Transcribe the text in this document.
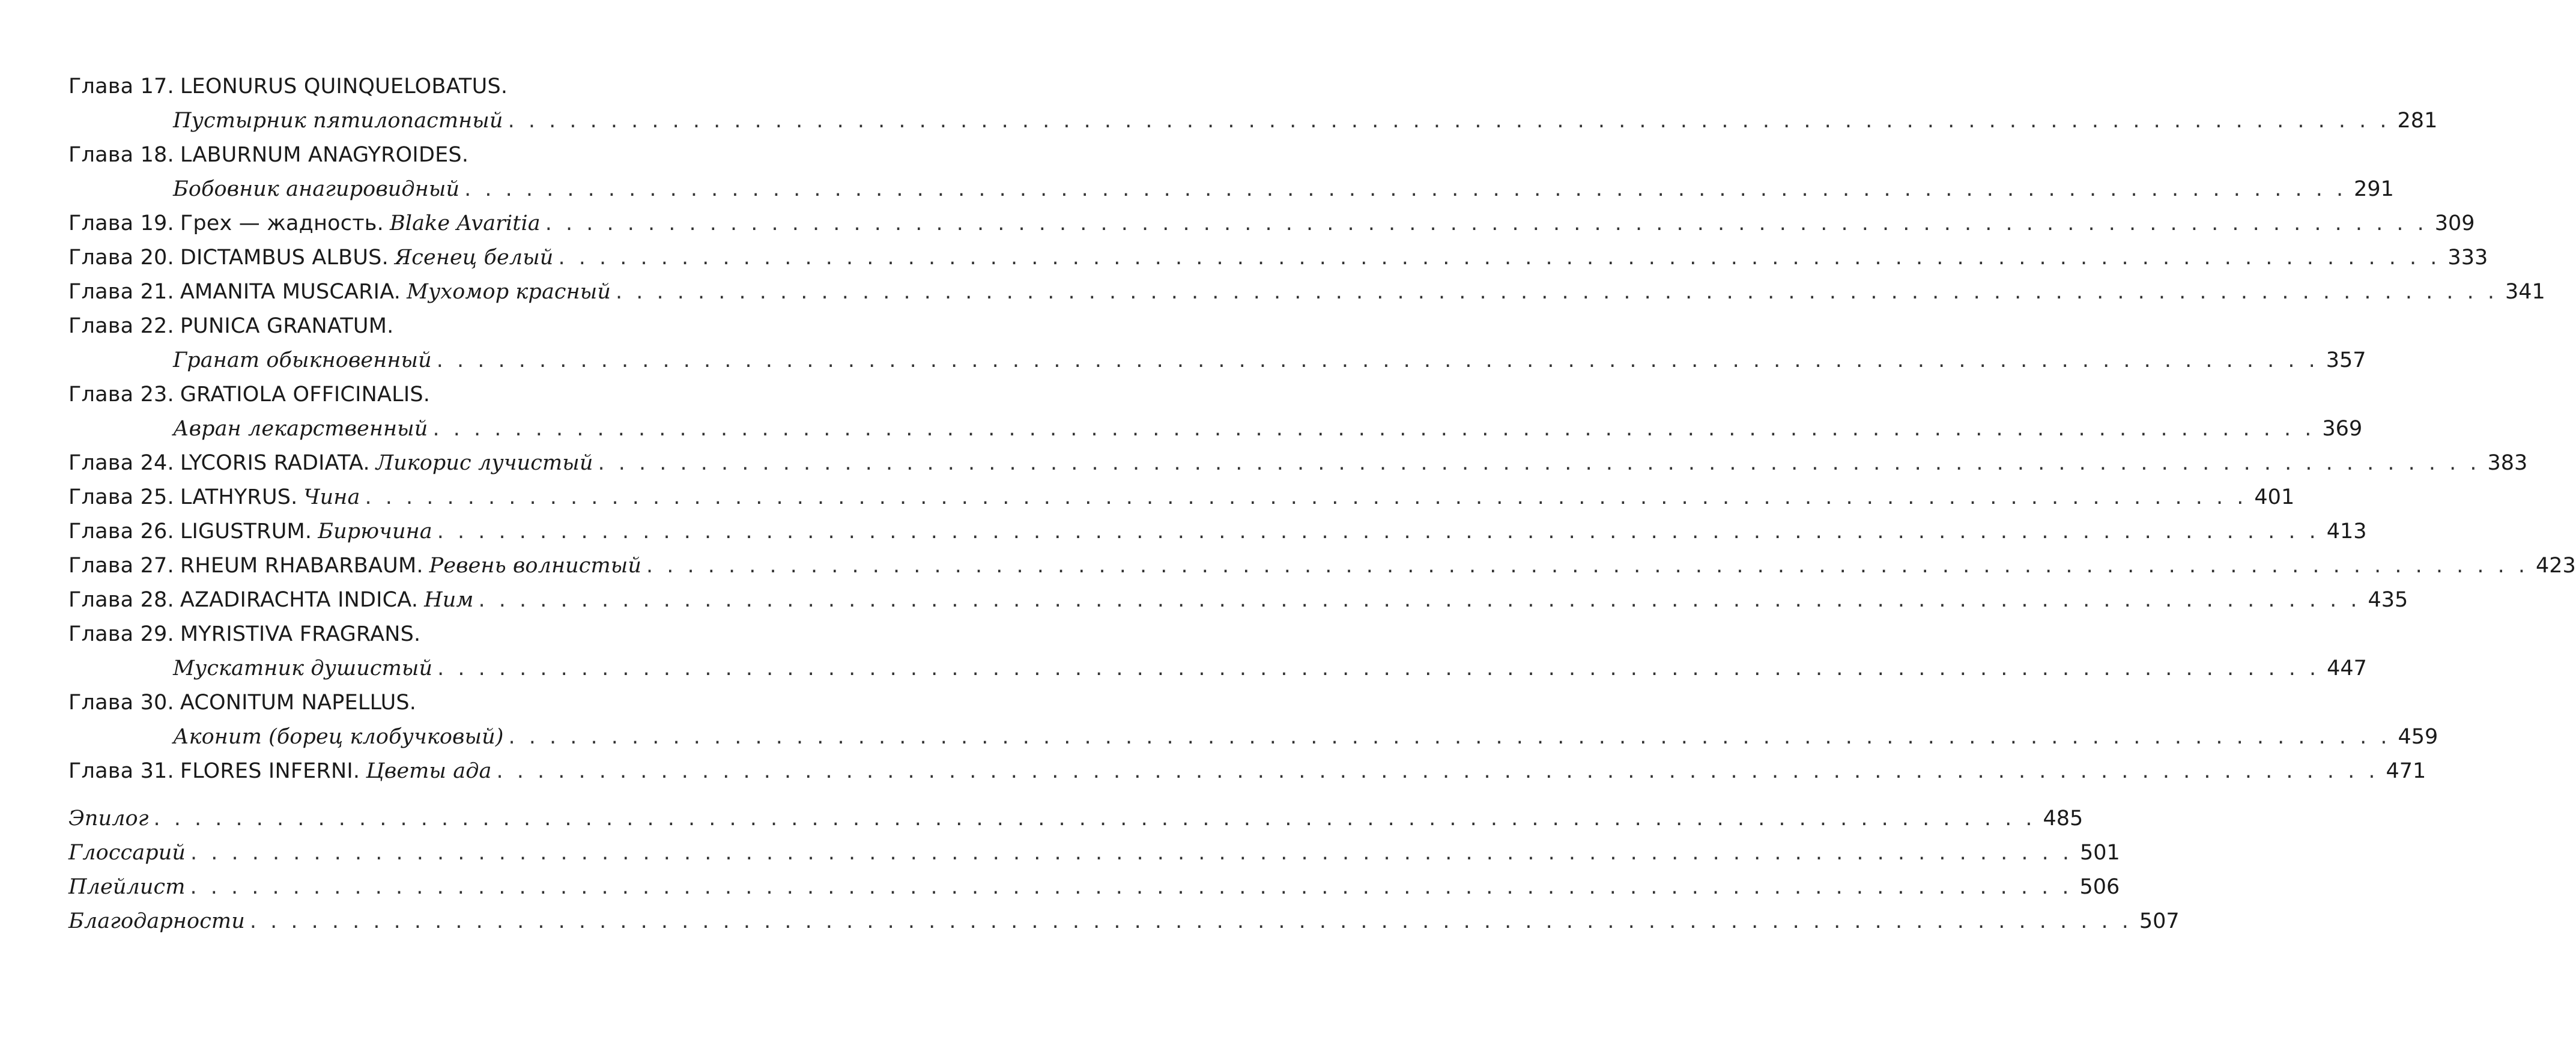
Глава 17. LEONURUS QUINQUELOBATUS.
Пустырник пятилопастный . . . . . . . . . . . . . . . . . . . . . . . . . . . . . . . . . . . . . . . . . . . . . . . . . . . . . . . . . . . . . . . . . . . . . . . . . . . . . . . . . . . . . . . . . . . . 281
Глава 18. LABURNUM ANAGYROIDES.
Бобовник анагировидный . . . . . . . . . . . . . . . . . . . . . . . . . . . . . . . . . . . . . . . . . . . . . . . . . . . . . . . . . . . . . . . . . . . . . . . . . . . . . . . . . . . . . . . . . . . . 291
Глава 19. Грех — жадность. Blake Avaritia . . . . . . . . . . . . . . . . . . . . . . . . . . . . . . . . . . . . . . . . . . . . . . . . . . . . . . . . . . . . . . . . . . . . . . . . . . . . . . . . . . . . . . . . . . . . 309
Глава 20. DICTAMBUS ALBUS. Ясенец белый . . . . . . . . . . . . . . . . . . . . . . . . . . . . . . . . . . . . . . . . . . . . . . . . . . . . . . . . . . . . . . . . . . . . . . . . . . . . . . . . . . . . . . . . . . . . 333
Глава 21. AMANITA MUSCARIA. Мухомор красный . . . . . . . . . . . . . . . . . . . . . . . . . . . . . . . . . . . . . . . . . . . . . . . . . . . . . . . . . . . . . . . . . . . . . . . . . . . . . . . . . . . . . . . . . . . . 341
Глава 22. PUNICA GRANATUM.
Гранат обыкновенный . . . . . . . . . . . . . . . . . . . . . . . . . . . . . . . . . . . . . . . . . . . . . . . . . . . . . . . . . . . . . . . . . . . . . . . . . . . . . . . . . . . . . . . . . . . . 357
Глава 23. GRATIOLA OFFICINALIS.
Авран лекарственный . . . . . . . . . . . . . . . . . . . . . . . . . . . . . . . . . . . . . . . . . . . . . . . . . . . . . . . . . . . . . . . . . . . . . . . . . . . . . . . . . . . . . . . . . . . . 369
Глава 24. LYCORIS RADIATA. Ликорис лучистый . . . . . . . . . . . . . . . . . . . . . . . . . . . . . . . . . . . . . . . . . . . . . . . . . . . . . . . . . . . . . . . . . . . . . . . . . . . . . . . . . . . . . . . . . . . . 383
Глава 25. LATHYRUS. Чина . . . . . . . . . . . . . . . . . . . . . . . . . . . . . . . . . . . . . . . . . . . . . . . . . . . . . . . . . . . . . . . . . . . . . . . . . . . . . . . . . . . . . . . . . . . . 401
Глава 26. LIGUSTRUM. Бирючина . . . . . . . . . . . . . . . . . . . . . . . . . . . . . . . . . . . . . . . . . . . . . . . . . . . . . . . . . . . . . . . . . . . . . . . . . . . . . . . . . . . . . . . . . . . . 413
Глава 27. RHEUM RHABARBAUM. Ревень волнистый . . . . . . . . . . . . . . . . . . . . . . . . . . . . . . . . . . . . . . . . . . . . . . . . . . . . . . . . . . . . . . . . . . . . . . . . . . . . . . . . . . . . . . . . . . . . 423
Глава 28. AZADIRACHTA INDICA. Ним . . . . . . . . . . . . . . . . . . . . . . . . . . . . . . . . . . . . . . . . . . . . . . . . . . . . . . . . . . . . . . . . . . . . . . . . . . . . . . . . . . . . . . . . . . . . 435
Глава 29. MYRISTIVA FRAGRANS.
Мускатник душистый . . . . . . . . . . . . . . . . . . . . . . . . . . . . . . . . . . . . . . . . . . . . . . . . . . . . . . . . . . . . . . . . . . . . . . . . . . . . . . . . . . . . . . . . . . . . 447
Глава 30. ACONITUM NAPELLUS.
Аконит (борец клобучковый) . . . . . . . . . . . . . . . . . . . . . . . . . . . . . . . . . . . . . . . . . . . . . . . . . . . . . . . . . . . . . . . . . . . . . . . . . . . . . . . . . . . . . . . . . . . . 459
Глава 31. FLORES INFERNI. Цветы ада . . . . . . . . . . . . . . . . . . . . . . . . . . . . . . . . . . . . . . . . . . . . . . . . . . . . . . . . . . . . . . . . . . . . . . . . . . . . . . . . . . . . . . . . . . . . 471
Эпилог . . . . . . . . . . . . . . . . . . . . . . . . . . . . . . . . . . . . . . . . . . . . . . . . . . . . . . . . . . . . . . . . . . . . . . . . . . . . . . . . . . . . . . . . . . . . 485
Глоссарий . . . . . . . . . . . . . . . . . . . . . . . . . . . . . . . . . . . . . . . . . . . . . . . . . . . . . . . . . . . . . . . . . . . . . . . . . . . . . . . . . . . . . . . . . . . . 501
Плейлист . . . . . . . . . . . . . . . . . . . . . . . . . . . . . . . . . . . . . . . . . . . . . . . . . . . . . . . . . . . . . . . . . . . . . . . . . . . . . . . . . . . . . . . . . . . . 506
Благодарности . . . . . . . . . . . . . . . . . . . . . . . . . . . . . . . . . . . . . . . . . . . . . . . . . . . . . . . . . . . . . . . . . . . . . . . . . . . . . . . . . . . . . . . . . . . . 507
